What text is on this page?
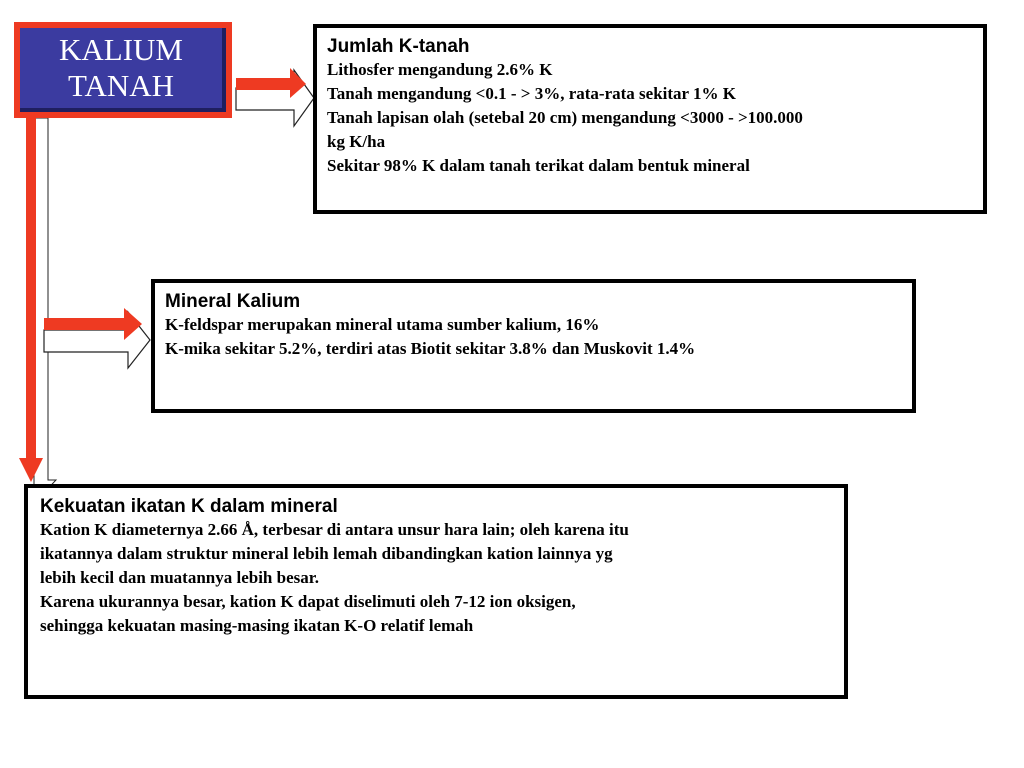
KALIUM
TANAH
Jumlah K-tanah
Lithosfer mengandung 2.6% K
Tanah mengandung <0.1 - > 3%, rata-rata sekitar 1% K
Tanah lapisan olah (setebal 20 cm) mengandung <3000 - >100.000
kg K/ha
Sekitar 98% K dalam tanah terikat dalam bentuk mineral
Mineral Kalium
K-feldspar merupakan mineral utama sumber kalium, 16%
K-mika sekitar 5.2%, terdiri atas Biotit sekitar 3.8% dan Muskovit 1.4%
Kekuatan ikatan K dalam mineral
Kation K diameternya 2.66 Å, terbesar di antara unsur hara lain; oleh karena itu
ikatannya dalam struktur mineral lebih lemah dibandingkan kation lainnya yg
lebih kecil dan muatannya lebih besar.
Karena ukurannya besar, kation K dapat diselimuti oleh 7-12 ion oksigen,
sehingga kekuatan masing-masing ikatan K-O relatif lemah
